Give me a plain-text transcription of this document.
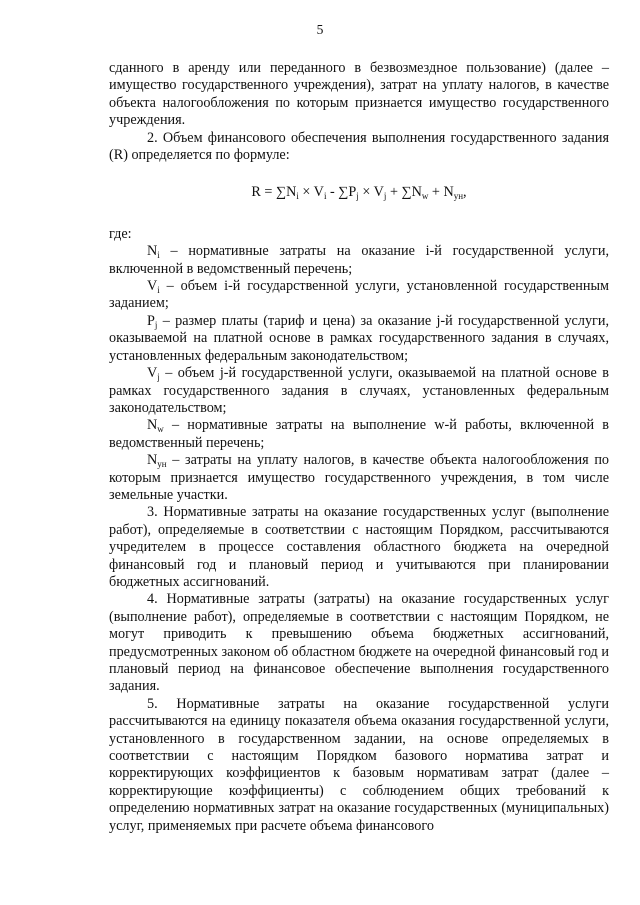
5

сданного в аренду или переданного в безвозмездное пользование) (далее – имущество государственного учреждения), затрат на уплату налогов, в качестве объекта налогообложения по которым признается имущество государственного учреждения.

2. Объем финансового обеспечения выполнения государственного задания (R) определяется по формуле:

$R = \sum N_i \times V_i - \sum P_j \times V_j + \sum N_w + N_{ун}$,

где:

$N_i$ – нормативные затраты на оказание i-й государственной услуги, включенной в ведомственный перечень;

$V_i$ – объем i-й государственной услуги, установленной государственным заданием;

$P_j$ – размер платы (тариф и цена) за оказание j-й государственной услуги, оказываемой на платной основе в рамках государственного задания в случаях, установленных федеральным законодательством;

$V_j$ – объем j-й государственной услуги, оказываемой на платной основе в рамках государственного задания в случаях, установленных федеральным законодательством;

$N_w$ – нормативные затраты на выполнение w-й работы, включенной в ведомственный перечень;

$N_{ун}$ – затраты на уплату налогов, в качестве объекта налогообложения по которым признается имущество государственного учреждения, в том числе земельные участки.

3. Нормативные затраты на оказание государственных услуг (выполнение работ), определяемые в соответствии с настоящим Порядком, рассчитываются учредителем в процессе составления областного бюджета на очередной финансовый год и плановый период и учитываются при планировании бюджетных ассигнований.

4. Нормативные затраты (затраты) на оказание государственных услуг (выполнение работ), определяемые в соответствии с настоящим Порядком, не могут приводить к превышению объема бюджетных ассигнований, предусмотренных законом об областном бюджете на очередной финансовый год и плановый период на финансовое обеспечение выполнения государственного задания.

5. Нормативные затраты на оказание государственной услуги рассчитываются на единицу показателя объема оказания государственной услуги, установленного в государственном задании, на основе определяемых в соответствии с настоящим Порядком базового норматива затрат и корректирующих коэффициентов к базовым нормативам затрат (далее – корректирующие коэффициенты) с соблюдением общих требований к определению нормативных затрат на оказание государственных (муниципальных) услуг, применяемых при расчете объема финансового
